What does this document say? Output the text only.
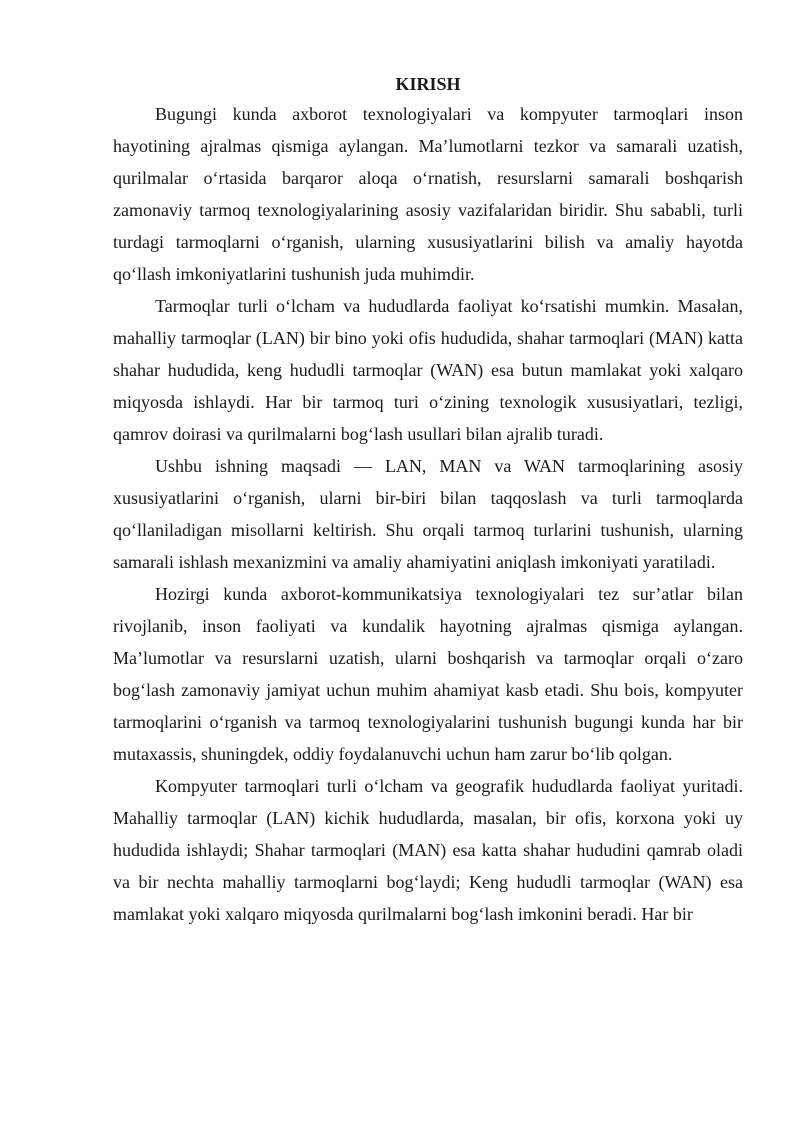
KIRISH

Bugungi kunda axborot texnologiyalari va kompyuter tarmoqlari inson hayotining ajralmas qismiga aylangan. Ma’lumotlarni tezkor va samarali uzatish, qurilmalar o‘rtasida barqaror aloqa o‘rnatish, resurslarni samarali boshqarish zamonaviy tarmoq texnologiyalarining asosiy vazifalaridan biridir. Shu sababli, turli turdagi tarmoqlarni o‘rganish, ularning xususiyatlarini bilish va amaliy hayotda qo‘llash imkoniyatlarini tushunish juda muhimdir.

Tarmoqlar turli o‘lcham va hududlarda faoliyat ko‘rsatishi mumkin. Masalan, mahalliy tarmoqlar (LAN) bir bino yoki ofis hududida, shahar tarmoqlari (MAN) katta shahar hududida, keng hududli tarmoqlar (WAN) esa butun mamlakat yoki xalqaro miqyosda ishlaydi. Har bir tarmoq turi o‘zining texnologik xususiyatlari, tezligi, qamrov doirasi va qurilmalarni bog‘lash usullari bilan ajralib turadi.

Ushbu ishning maqsadi — LAN, MAN va WAN tarmoqlarining asosiy xususiyatlarini o‘rganish, ularni bir-biri bilan taqqoslash va turli tarmoqlarda qo‘llaniladigan misollarni keltirish. Shu orqali tarmoq turlarini tushunish, ularning samarali ishlash mexanizmini va amaliy ahamiyatini aniqlash imkoniyati yaratiladi.

Hozirgi kunda axborot-kommunikatsiya texnologiyalari tez sur’atlar bilan rivojlanib, inson faoliyati va kundalik hayotning ajralmas qismiga aylangan. Ma’lumotlar va resurslarni uzatish, ularni boshqarish va tarmoqlar orqali o‘zaro bog‘lash zamonaviy jamiyat uchun muhim ahamiyat kasb etadi. Shu bois, kompyuter tarmoqlarini o‘rganish va tarmoq texnologiyalarini tushunish bugungi kunda har bir mutaxassis, shuningdek, oddiy foydalanuvchi uchun ham zarur bo‘lib qolgan.

Kompyuter tarmoqlari turli o‘lcham va geografik hududlarda faoliyat yuritadi. Mahalliy tarmoqlar (LAN) kichik hududlarda, masalan, bir ofis, korxona yoki uy hududida ishlaydi; Shahar tarmoqlari (MAN) esa katta shahar hududini qamrab oladi va bir nechta mahalliy tarmoqlarni bog‘laydi; Keng hududli tarmoqlar (WAN) esa mamlakat yoki xalqaro miqyosda qurilmalarni bog‘lash imkonini beradi. Har bir
